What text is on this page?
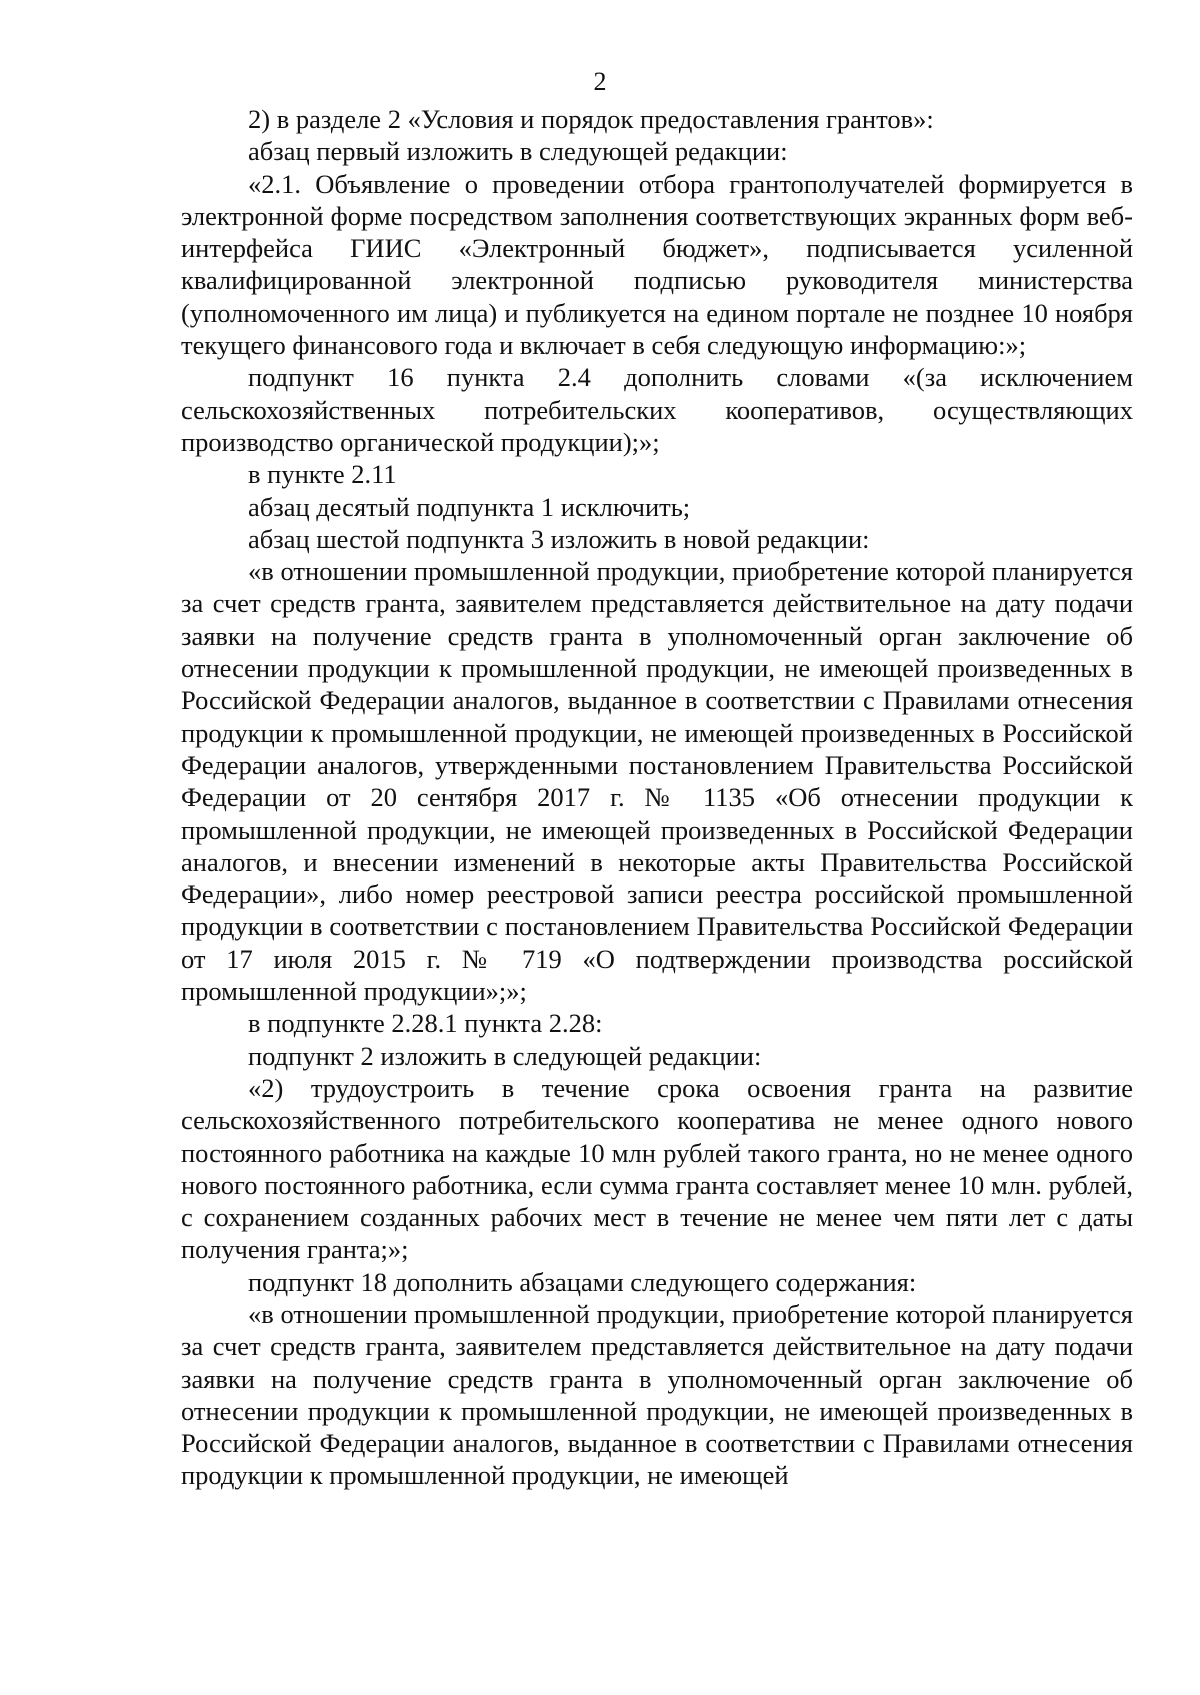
2

2) в разделе 2 «Условия и порядок предоставления грантов»:

абзац первый изложить в следующей редакции:

«2.1. Объявление о проведении отбора грантополучателей формируется в электронной форме посредством заполнения соответствующих экранных форм веб-интерфейса ГИИС «Электронный бюджет», подписывается усиленной квалифицированной электронной подписью руководителя министерства (уполномоченного им лица) и публикуется на едином портале не позднее 10 ноября текущего финансового года и включает в себя следующую информацию:»;

подпункт 16 пункта 2.4 дополнить словами «(за исключением сельскохозяйственных потребительских кооперативов, осуществляющих производство органической продукции);»;

в пункте 2.11

абзац десятый подпункта 1 исключить;

абзац шестой подпункта 3 изложить в новой редакции:

«в отношении промышленной продукции, приобретение которой планируется за счет средств гранта, заявителем представляется действительное на дату подачи заявки на получение средств гранта в уполномоченный орган заключение об отнесении продукции к промышленной продукции, не имеющей произведенных в Российской Федерации аналогов, выданное в соответствии с Правилами отнесения продукции к промышленной продукции, не имеющей произведенных в Российской Федерации аналогов, утвержденными постановлением Правительства Российской Федерации от 20 сентября 2017 г. № 1135 «Об отнесении продукции к промышленной продукции, не имеющей произведенных в Российской Федерации аналогов, и внесении изменений в некоторые акты Правительства Российской Федерации», либо номер реестровой записи реестра российской промышленной продукции в соответствии с постановлением Правительства Российской Федерации от 17 июля 2015 г. № 719 «О подтверждении производства российской промышленной продукции»;»;

в подпункте 2.28.1 пункта 2.28:

подпункт 2 изложить в следующей редакции:

«2) трудоустроить в течение срока освоения гранта на развитие сельскохозяйственного потребительского кооператива не менее одного нового постоянного работника на каждые 10 млн рублей такого гранта, но не менее одного нового постоянного работника, если сумма гранта составляет менее 10 млн. рублей, с сохранением созданных рабочих мест в течение не менее чем пяти лет с даты получения гранта;»;

подпункт 18 дополнить абзацами следующего содержания:

«в отношении промышленной продукции, приобретение которой планируется за счет средств гранта, заявителем представляется действительное на дату подачи заявки на получение средств гранта в уполномоченный орган заключение об отнесении продукции к промышленной продукции, не имеющей произведенных в Российской Федерации аналогов, выданное в соответствии с Правилами отнесения продукции к промышленной продукции, не имеющей
